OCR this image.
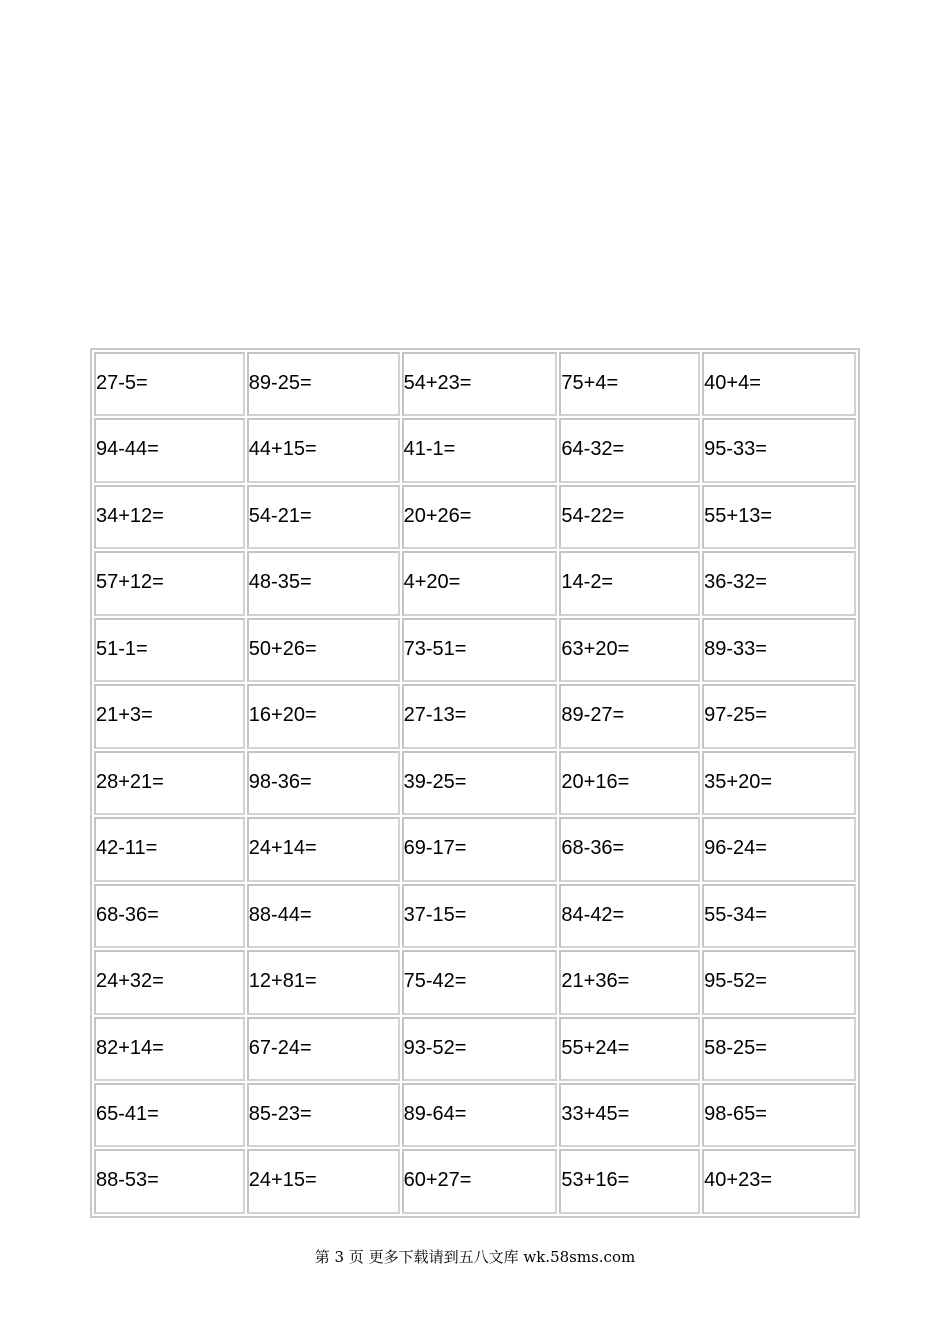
27-5=	89-25=	54+23=	75+4=	40+4=

94-44=	44+15=	41-1=	64-32=	95-33=

34+12=	54-21=	20+26=	54-22=	55+13=

57+12=	48-35=	4+20=	14-2=	36-32=

51-1=	50+26=	73-51=	63+20=	89-33=

21+3=	16+20=	27-13=	89-27=	97-25=

28+21=	98-36=	39-25=	20+16=	35+20=

42-11=	24+14=	69-17=	68-36=	96-24=

68-36=	88-44=	37-15=	84-42=	55-34=

24+32=	12+81=	75-42=	21+36=	95-52=

82+14=	67-24=	93-52=	55+24=	58-25=

65-41=	85-23=	89-64=	33+45=	98-65=

88-53=	24+15=	60+27=	53+16=	40+23=
第 3 页 更多下载请到五八文库 wk.58sms.com
